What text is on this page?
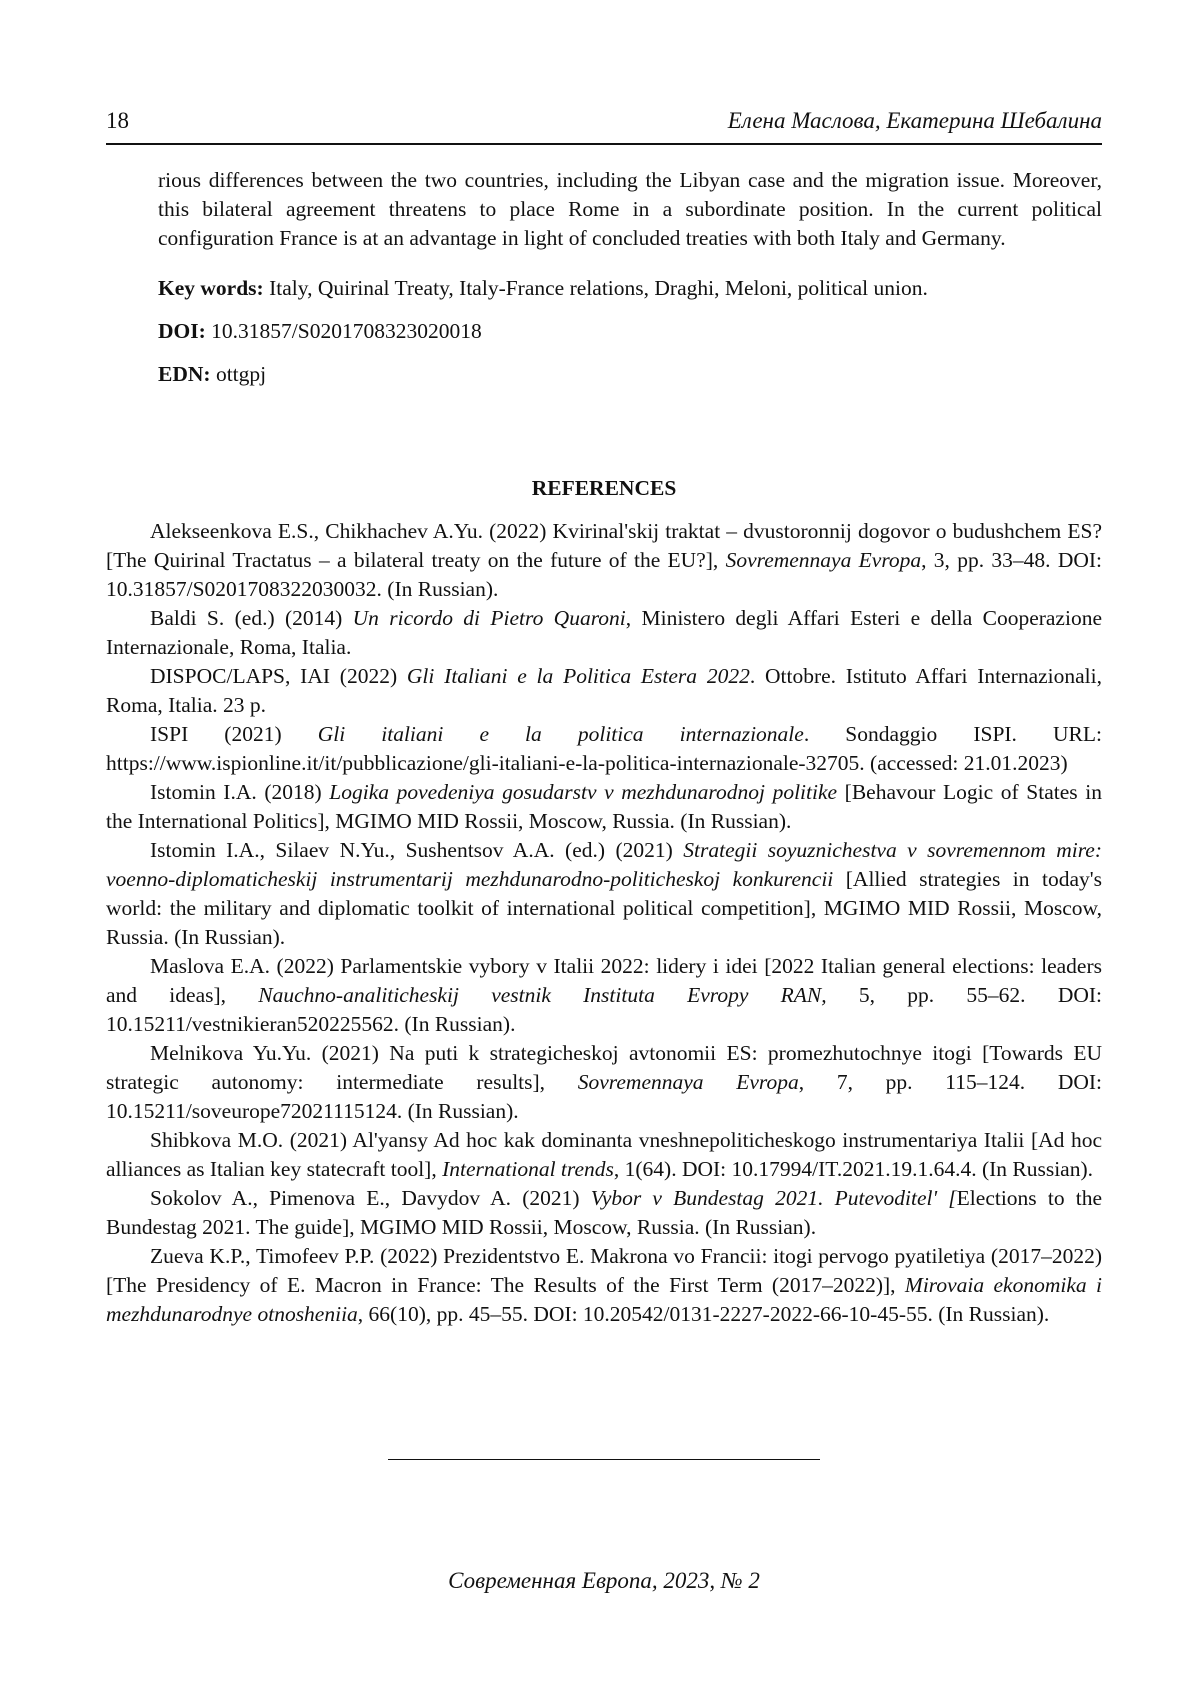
18	Елена Маслова, Екатерина Шебалина

rious differences between the two countries, including the Libyan case and the migration issue. Moreover, this bilateral agreement threatens to place Rome in a subordinate position. In the current political configuration France is at an advantage in light of concluded treaties with both Italy and Germany.

Key words: Italy, Quirinal Treaty, Italy-France relations, Draghi, Meloni, political union.
DOI: 10.31857/S0201708323020018
EDN: ottgpj
REFERENCES

Alekseenkova E.S., Chikhachev A.Yu. (2022) Kvirinal'skij traktat – dvustoronnij dogovor o budushchem ES? [The Quirinal Tractatus – a bilateral treaty on the future of the EU?], Sovremennaya Evropa, 3, pp. 33–48. DOI: 10.31857/S0201708322030032. (In Russian).

Baldi S. (ed.) (2014) Un ricordo di Pietro Quaroni, Ministero degli Affari Esteri e della Cooperazione Internazionale, Roma, Italia.

DISPOC/LAPS, IAI (2022) Gli Italiani e la Politica Estera 2022. Ottobre. Istituto Affari Internazionali, Roma, Italia. 23 p.

ISPI (2021) Gli italiani e la politica internazionale. Sondaggio ISPI. URL: https://www.ispionline.it/it/pubblicazione/gli-italiani-e-la-politica-internazionale-32705. (accessed: 21.01.2023)

Istomin I.A. (2018) Logika povedeniya gosudarstv v mezhdunarodnoj politike [Behavour Logic of States in the International Politics], MGIMO MID Rossii, Moscow, Russia. (In Russian).

Istomin I.A., Silaev N.Yu., Sushentsov A.A. (ed.) (2021) Strategii soyuznichestva v sovremennom mire: voenno-diplomaticheskij instrumentarij mezhdunarodno-politicheskoj konkurencii [Allied strategies in today's world: the military and diplomatic toolkit of international political competition], MGIMO MID Rossii, Moscow, Russia. (In Russian).

Maslova E.A. (2022) Parlamentskie vybory v Italii 2022: lidery i idei [2022 Italian general elections: leaders and ideas], Nauchno-analiticheskij vestnik Instituta Evropy RAN, 5, pp. 55–62. DOI: 10.15211/vestnikieran520225562. (In Russian).

Melnikova Yu.Yu. (2021) Na puti k strategicheskoj avtonomii ES: promezhutochnye itogi [Towards EU strategic autonomy: intermediate results], Sovremennaya Evropa, 7, pp. 115–124. DOI: 10.15211/soveurope72021115124. (In Russian).

Shibkova M.O. (2021) Al'yansy Ad hoc kak dominanta vneshnepoliticheskogo instrumentariya Italii [Ad hoc alliances as Italian key statecraft tool], International trends, 1(64). DOI: 10.17994/IT.2021.19.1.64.4. (In Russian).

Sokolov A., Pimenova E., Davydov A. (2021) Vybor v Bundestag 2021. Putevoditel' [Elections to the Bundestag 2021. The guide], MGIMO MID Rossii, Moscow, Russia. (In Russian).

Zueva K.P., Timofeev P.P. (2022) Prezidentstvo E. Makrona vo Francii: itogi pervogo pyatiletiya (2017–2022) [The Presidency of E. Macron in France: The Results of the First Term (2017–2022)], Mirovaia ekonomika i mezhdunarodnye otnosheniia, 66(10), pp. 45–55. DOI: 10.20542/0131-2227-2022-66-10-45-55. (In Russian).

Современная Европа, 2023, № 2
